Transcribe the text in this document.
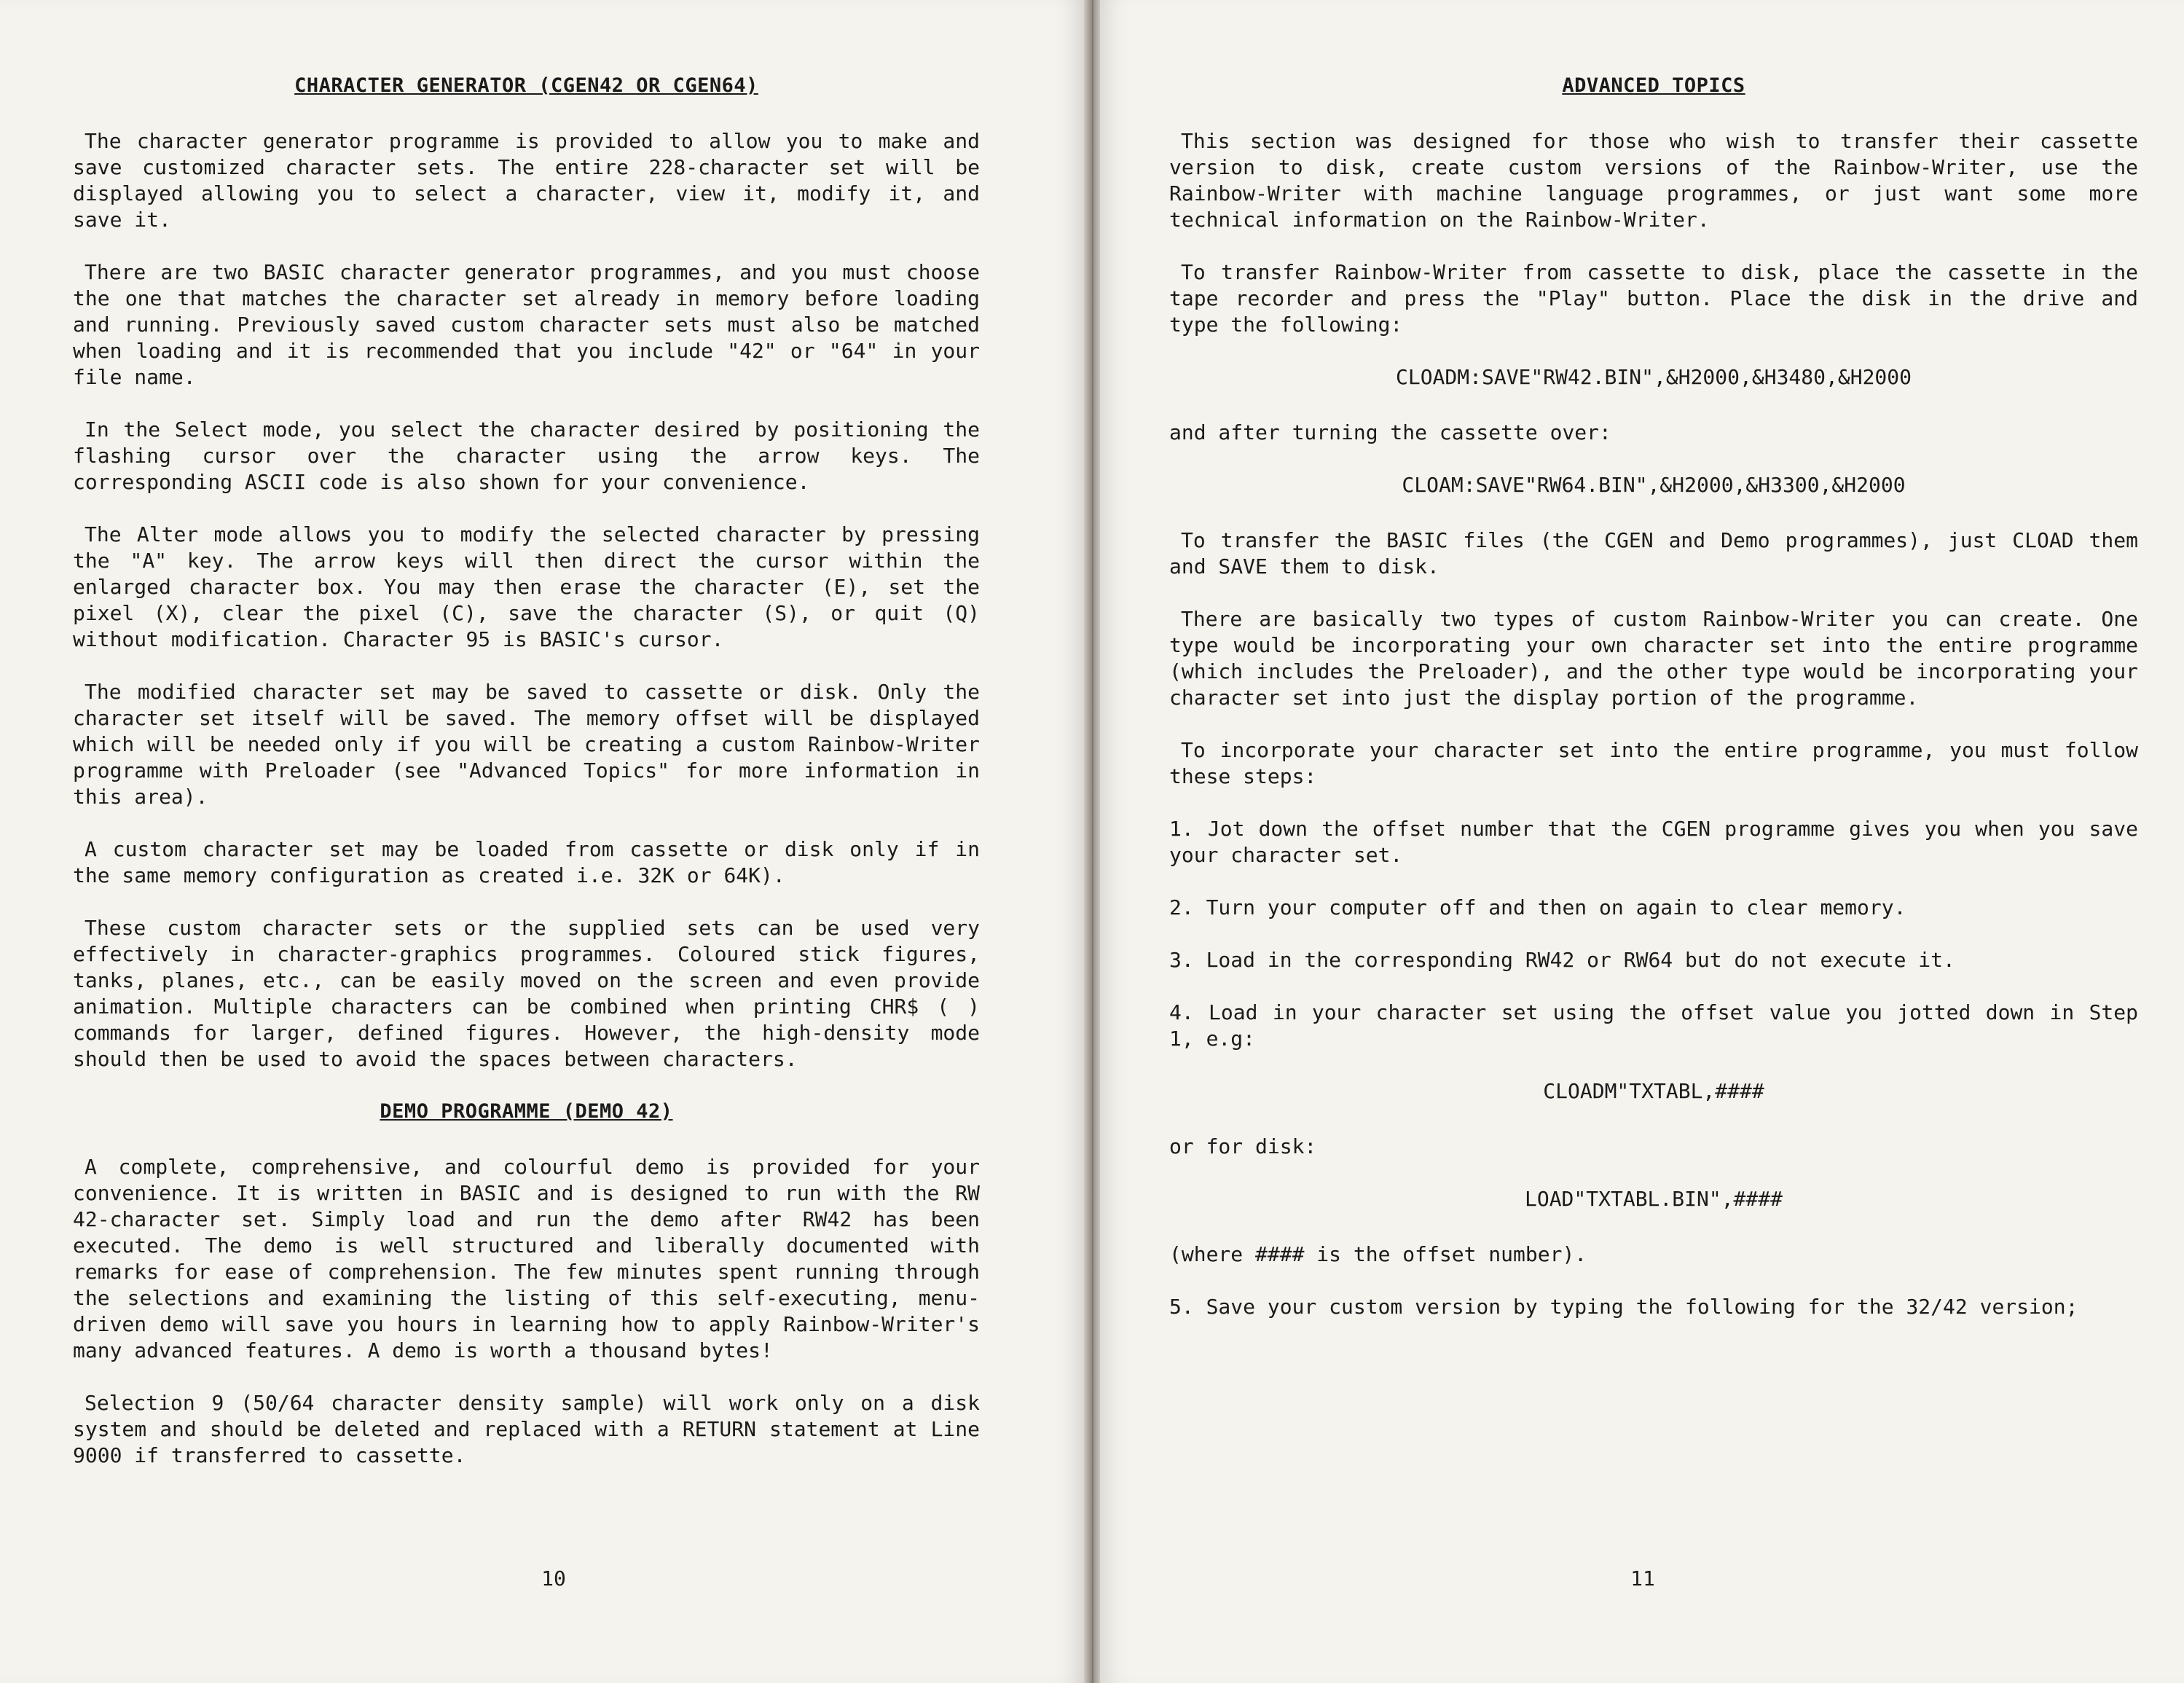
CHARACTER GENERATOR (CGEN42 OR CGEN64)

The character generator programme is provided to allow you to make and save customized character sets. The entire 228-character set will be displayed allowing you to select a character, view it, modify it, and save it.

There are two BASIC character generator programmes, and you must choose the one that matches the character set already in memory before loading and running. Previously saved custom character sets must also be matched when loading and it is recommended that you include "42" or "64" in your file name.

In the Select mode, you select the character desired by positioning the flashing cursor over the character using the arrow keys. The corresponding ASCII code is also shown for your convenience.

The Alter mode allows you to modify the selected character by pressing the "A" key. The arrow keys will then direct the cursor within the enlarged character box. You may then erase the character (E), set the pixel (X), clear the pixel (C), save the character (S), or quit (Q) without modification. Character 95 is BASIC's cursor.

The modified character set may be saved to cassette or disk. Only the character set itself will be saved. The memory offset will be displayed which will be needed only if you will be creating a custom Rainbow-Writer programme with Preloader (see "Advanced Topics" for more information in this area).

A custom character set may be loaded from cassette or disk only if in the same memory configuration as created i.e. 32K or 64K).

These custom character sets or the supplied sets can be used very effectively in character-graphics programmes. Coloured stick figures, tanks, planes, etc., can be easily moved on the screen and even provide animation. Multiple characters can be combined when printing CHR$ ( ) commands for larger, defined figures. However, the high-density mode should then be used to avoid the spaces between characters.

DEMO PROGRAMME (DEMO 42)

A complete, comprehensive, and colourful demo is provided for your convenience. It is written in BASIC and is designed to run with the RW 42-character set. Simply load and run the demo after RW42 has been executed. The demo is well structured and liberally documented with remarks for ease of comprehension. The few minutes spent running through the selections and examining the listing of this self-executing, menu-driven demo will save you hours in learning how to apply Rainbow-Writer's many advanced features. A demo is worth a thousand bytes!

Selection 9 (50/64 character density sample) will work only on a disk system and should be deleted and replaced with a RETURN statement at Line 9000 if transferred to cassette.

10
ADVANCED TOPICS

This section was designed for those who wish to transfer their cassette version to disk, create custom versions of the Rainbow-Writer, use the Rainbow-Writer with machine language programmes, or just want some more technical information on the Rainbow-Writer.

To transfer Rainbow-Writer from cassette to disk, place the cassette in the tape recorder and press the "Play" button. Place the disk in the drive and type the following:

CLOADM:SAVE"RW42.BIN",&H2000,&H3480,&H2000

and after turning the cassette over:

CLOAM:SAVE"RW64.BIN",&H2000,&H3300,&H2000

To transfer the BASIC files (the CGEN and Demo programmes), just CLOAD them and SAVE them to disk.

There are basically two types of custom Rainbow-Writer you can create. One type would be incorporating your own character set into the entire programme (which includes the Preloader), and the other type would be incorporating your character set into just the display portion of the programme.

To incorporate your character set into the entire programme, you must follow these steps:

1. Jot down the offset number that the CGEN programme gives you when you save your character set.

2. Turn your computer off and then on again to clear memory.

3. Load in the corresponding RW42 or RW64 but do not execute it.

4. Load in your character set using the offset value you jotted down in Step 1, e.g:

CLOADM"TXTABL,####

or for disk:

LOAD"TXTABL.BIN",####

(where #### is the offset number).

5. Save your custom version by typing the following for the 32/42 version;

11
